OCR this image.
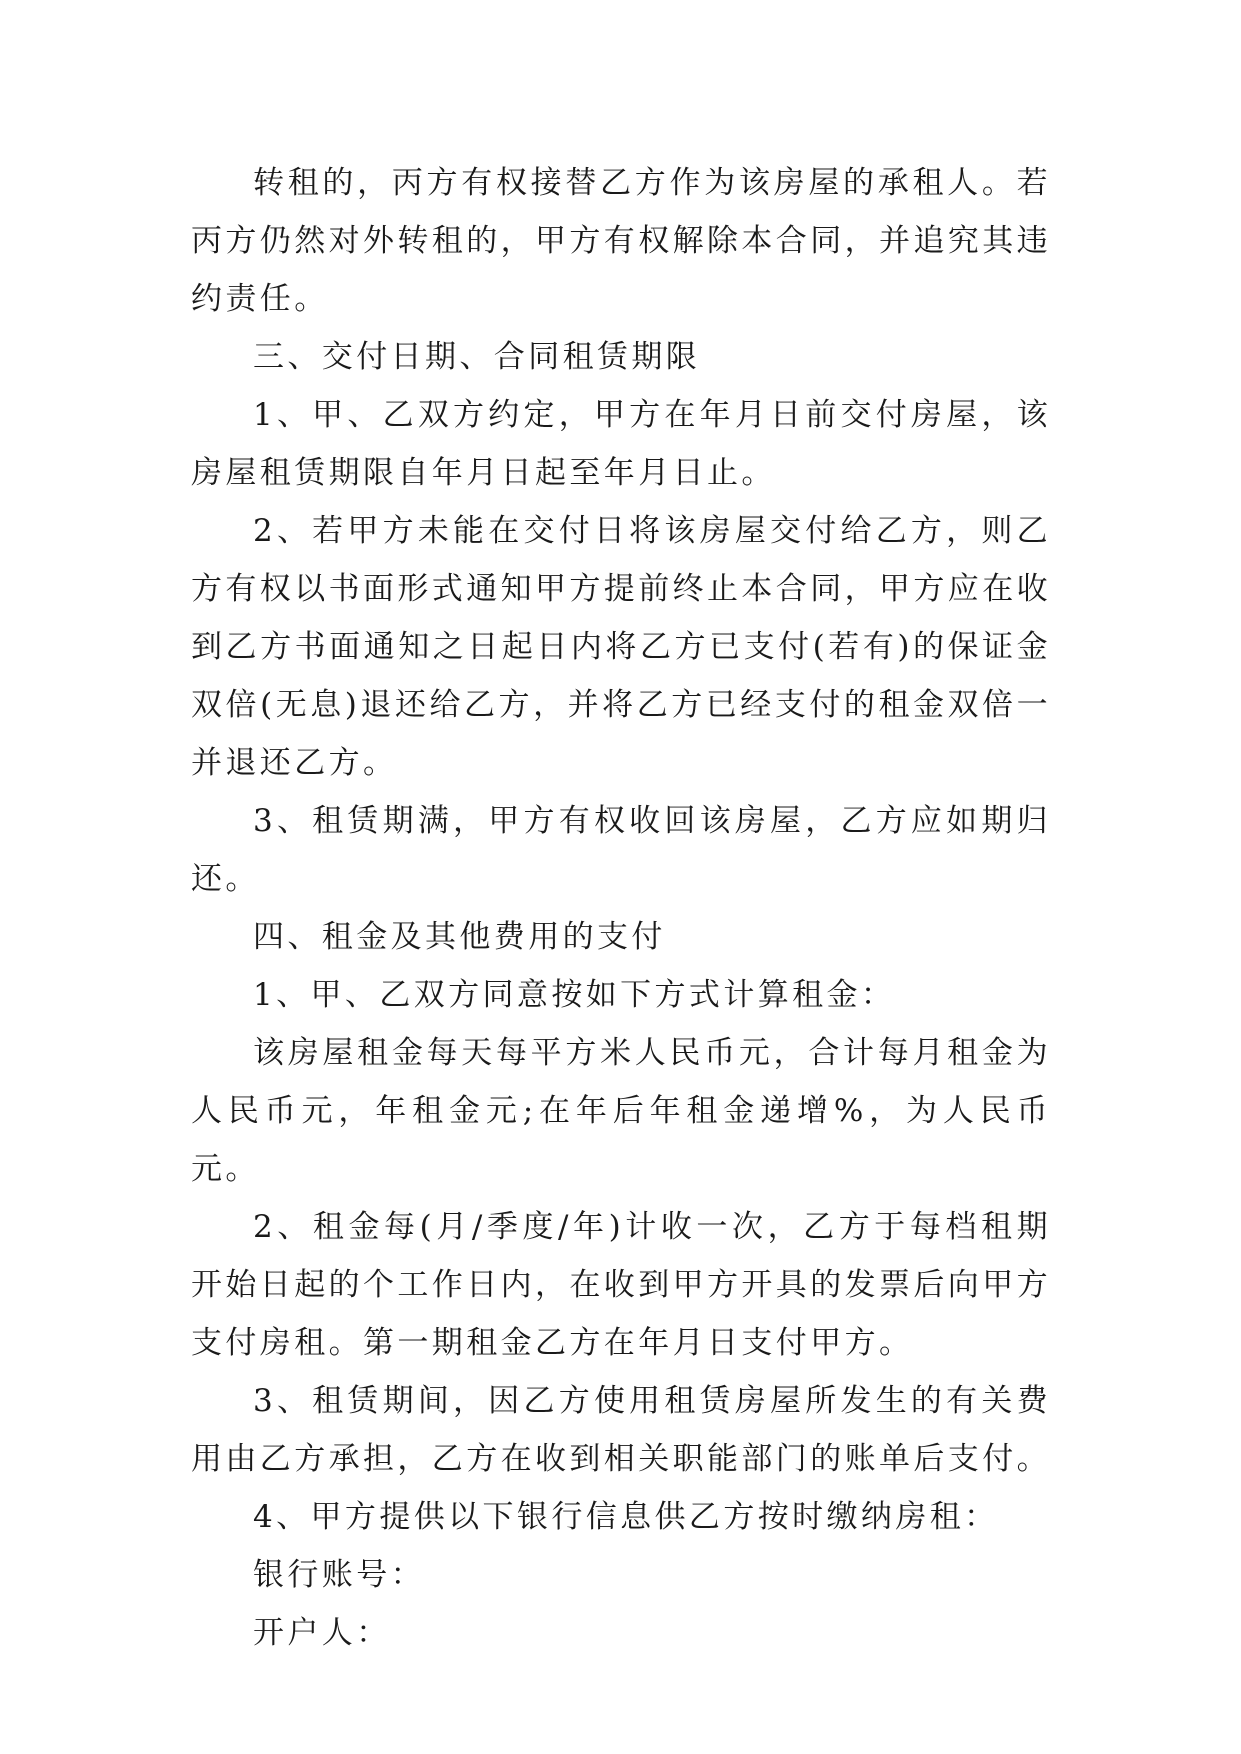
转租的，丙方有权接替乙方作为该房屋的承租人。若丙方仍然对外转租的，甲方有权解除本合同，并追究其违约责任。

三、交付日期、合同租赁期限

1、甲、乙双方约定，甲方在年月日前交付房屋，该房屋租赁期限自年月日起至年月日止。

2、若甲方未能在交付日将该房屋交付给乙方，则乙方有权以书面形式通知甲方提前终止本合同，甲方应在收到乙方书面通知之日起日内将乙方已支付(若有)的保证金双倍(无息)退还给乙方，并将乙方已经支付的租金双倍一并退还乙方。

3、租赁期满，甲方有权收回该房屋，乙方应如期归还。

四、租金及其他费用的支付

1、甲、乙双方同意按如下方式计算租金：

该房屋租金每天每平方米人民币元，合计每月租金为人民币元，年租金元;在年后年租金递增%，为人民币元。

2、租金每(月/季度/年)计收一次，乙方于每档租期开始日起的个工作日内，在收到甲方开具的发票后向甲方支付房租。第一期租金乙方在年月日支付甲方。

3、租赁期间，因乙方使用租赁房屋所发生的有关费用由乙方承担，乙方在收到相关职能部门的账单后支付。

4、甲方提供以下银行信息供乙方按时缴纳房租：

银行账号：

开户人：
